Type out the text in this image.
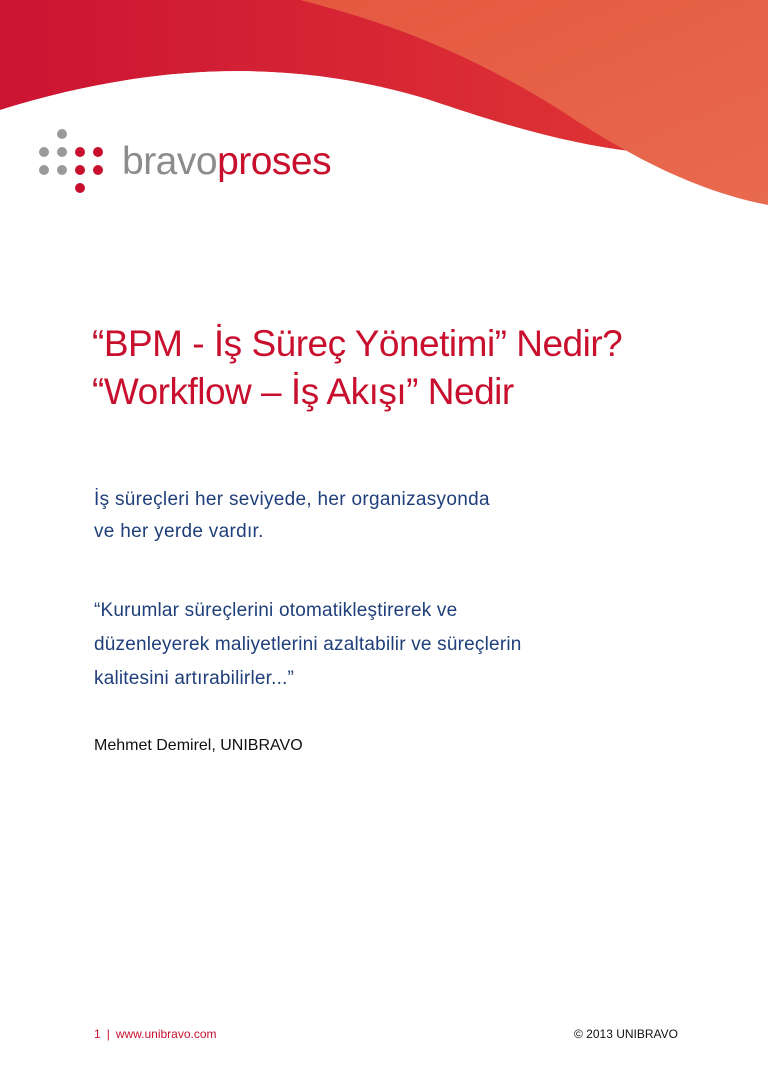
bravoproses
“BPM - İş Süreç Yönetimi” Nedir?
“Workflow – İş Akışı” Nedir

İş süreçleri her seviyede, her organizasyonda
ve her yerde vardır.

“Kurumlar süreçlerini otomatikleştirerek ve
düzenleyerek maliyetlerini azaltabilir ve süreçlerin
kalitesini artırabilirler...”

Mehmet Demirel, UNIBRAVO
1 | www.unibravo.com	© 2013 UNIBRAVO
